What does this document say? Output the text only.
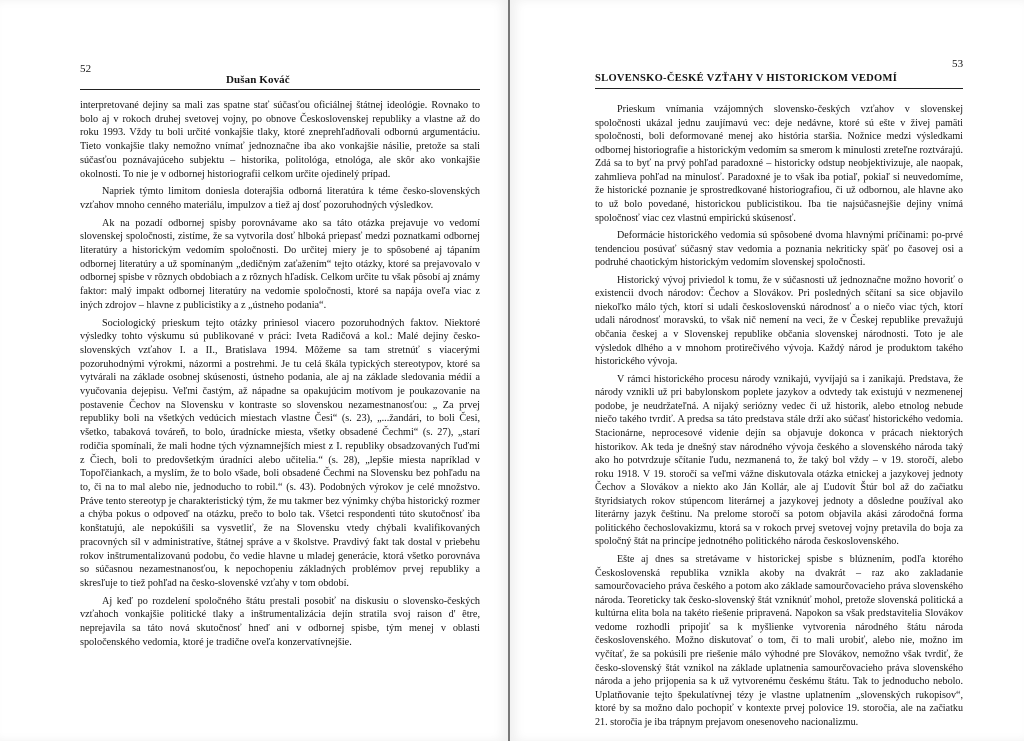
52
Dušan Kováč

interpretované dejiny sa mali zas spatne stať súčasťou oficiálnej štátnej ideológie. Rovnako to bolo aj v rokoch druhej svetovej vojny, po obnove Československej republiky a vlastne až do roku 1993. Vždy tu boli určité vonkajšie tlaky, ktoré zneprehľadňovali odbornú argumentáciu. Tieto vonkajšie tlaky nemožno vnímať jednoznačne iba ako vonkajšie násilie, pretože sa stali súčasťou poznávajúceho subjektu – historika, politológa, etnológa, ale skôr ako vonkajšie okolnosti. To nie je v odbornej historiografii celkom určite ojedinelý prípad.

Napriek týmto limitom doniesla doterajšia odborná literatúra k téme česko-slovenských vzťahov mnoho cenného materiálu, impulzov a tiež aj dosť pozoruhodných výsledkov.

Ak na pozadí odbornej spisby porovnávame ako sa táto otázka prejavuje vo vedomí slovenskej spoločnosti, zistíme, že sa vytvorila dosť hlboká priepasť medzi poznatkami odbornej literatúry a historickým vedomím spoločnosti. Do určitej miery je to spôsobené aj tápaním odbornej literatúry a už spomínaným „dedičným zaťažením“ tejto otázky, ktoré sa prejavovalo v odbornej spisbe v rôznych obdobiach a z rôznych hľadísk. Celkom určite tu však pôsobí aj známy faktor: malý impakt odbornej literatúry na vedomie spoločnosti, ktoré sa napája oveľa viac z iných zdrojov – hlavne z publicistiky a z „ústneho podania“.

Sociologický prieskum tejto otázky priniesol viacero pozoruhodných faktov. Niektoré výsledky tohto výskumu sú publikované v práci: Iveta Radičová a kol.: Malé dejiny česko-slovenských vzťahov I. a II., Bratislava 1994. Môžeme sa tam stretnúť s viacerými pozoruhodnými výrokmi, názormi a postrehmi. Je tu celá škála typických stereotypov, ktoré sa vytvárali na základe osobnej skúsenosti, ústneho podania, ale aj na základe sledovania médií a vyučovania dejepisu. Veľmi častým, až nápadne sa opakujúcim motívom je poukazovanie na postavenie Čechov na Slovensku v kontraste so slovenskou nezamestnanosťou: „ Za prvej republiky boli na všetkých vedúcich miestach vlastne Česi“ (s. 23), „...žandári, to boli Česi, všetko, tabaková továreň, to bolo, úradnícke miesta, všetky obsadené Čechmi“ (s. 27), „starí rodičia spomínali, že mali hodne tých významnejších miest z I. republiky obsadzovaných ľuďmi z Čiech, boli to predovšetkým úradníci alebo učitelia.“ (s. 28), „lepšie miesta napríklad v Topoľčiankach, a myslím, že to bolo všade, boli obsadené Čechmi na Slovensku bez pohľadu na to, či na to mal alebo nie, jednoducho to robil.“ (s. 43). Podobných výrokov je celé množstvo. Práve tento stereotyp je charakteristický tým, že mu takmer bez výnimky chýba historický rozmer a chýba pokus o odpoveď na otázku, prečo to bolo tak. Všetci respondenti túto skutočnosť iba konštatujú, ale nepokúšili sa vysvetliť, že na Slovensku vtedy chýbali kvalifikovaných pracovných síl v administratíve, štátnej správe a v školstve. Pravdivý fakt tak dostal v priebehu rokov inštrumentalizovanú podobu, čo vedie hlavne u mladej generácie, ktorá všetko porovnáva so súčasnou nezamestnanosťou, k nepochopeniu základných problémov prvej republiky a skresľuje to tiež pohľad na česko-slovenské vzťahy v tom období.

Aj keď po rozdelení spoločného štátu prestali posobiť na diskusiu o slovensko-českých vzťahoch vonkajšie politické tlaky a inštrumentalizácia dejín stratila svoj raison d' être, neprejavila sa táto nová skutočnosť hneď ani v odbornej spisbe, tým menej v oblasti spoločenského vedomia, ktoré je tradične oveľa konzervatívnejšie.

53
SLOVENSKO-ČESKÉ VZŤAHY V HISTORICKOM VEDOMÍ

Prieskum vnímania vzájomných slovensko-českých vzťahov v slovenskej spoločnosti ukázal jednu zaujímavú vec: deje nedávne, ktoré sú ešte v živej pamäti spoločnosti, boli deformované menej ako história staršia. Nožnice medzi výsledkami odbornej historiografie a historickým vedomím sa smerom k minulosti zreteľne roztvárajú. Zdá sa to byť na prvý pohľad paradoxné – historicky odstup neobjektivizuje, ale naopak, zahmlieva pohľad na minulosť. Paradoxné je to však iba potiaľ, pokiaľ si neuvedomíme, že historické poznanie je sprostredkované historiografiou, či už odbornou, ale hlavne ako to už bolo povedané, historickou publicistikou. Iba tie najsúčasnejšie dejiny vnímá spoločnosť viac cez vlastnú empirickú skúsenosť.

Deformácie historického vedomia sú spôsobené dvoma hlavnými príčinami: po-prvé tendenciou posúvať súčasný stav vedomia a poznania nekriticky späť po časovej osi a podruhé chaotickým historickým vedomím slovenskej spoločnosti.

Historický vývoj priviedol k tomu, že v súčasnosti už jednoznačne možno hovoriť o existencii dvoch národov: Čechov a Slovákov. Pri posledných sčítaní sa sice objavilo niekoľko málo tých, ktorí si udali československú národnosť a o niečo viac tých, ktorí udali národnosť moravskú, to však nič nemení na veci, že v Českej republike prevažujú občania českej a v Slovenskej republike občania slovenskej národnosti. Toto je ale výsledok dlhého a v mnohom protirečivého vývoja. Každý národ je produktom takého historického vývoja.

V rámci historického procesu národy vznikajú, vyvíjajú sa i zanikajú. Predstava, že národy vznikli už pri babylonskom poplete jazykov a odvtedy tak existujú v nezmenenej podobe, je neudržateľná. A nijaký seriózny vedec či už historik, alebo etnolog nebude niečo takého tvrdiť. A predsa sa táto predstava stále drží ako súčasť historického vedomia. Stacionárne, neprocesové videnie dejín sa objavuje dokonca v prácach niektorých historikov. Ak teda je dnešný stav národného vývoja českého a slovenského národa taký ako ho potvrdzuje sčítanie ľudu, nezmanená to, že taký bol vždy – v 19. storočí, alebo roku 1918. V 19. storočí sa veľmi vážne diskutovala otázka etnickej a jazykovej jednoty Čechov a Slovákov a niekto ako Ján Kollár, ale aj Ľudovít Štúr bol až do začiatku štyridsiatych rokov stúpencom literárnej a jazykovej jednoty a dôsledne používal ako literárny jazyk češtinu. Na prelome storočí sa potom objavila akási zárodočná forma politického čechoslovakizmu, ktorá sa v rokoch prvej svetovej vojny pretavila do boja za spoločný štát na princípe jednotného politického národa československého.

Ešte aj dnes sa stretávame v historickej spisbe s blúznením, podľa ktorého Československá republika vznikla akoby na dvakrát – raz ako zakladanie samourčovacieho práva českého a potom ako základe samourčovacieho práva slovenského národa. Teoreticky tak česko-slovenský štát vzniknúť mohol, pretože slovenská politická a kultúrna elita bola na takéto riešenie pripravená. Napokon sa však predstavitelia Slovákov vedome rozhodli pripojiť sa k myšlienke vytvorenia národného štátu národa československého. Možno diskutovať o tom, či to mali urobiť, alebo nie, možno im vyčítať, že sa pokúsili pre riešenie málo výhodné pre Slovákov, nemožno však tvrdiť, že česko-slovenský štát vznikol na základe uplatnenia samourčovacieho práva slovenského národa a jeho prijopenia sa k už vytvorenému českému štátu. Tak to jednoducho nebolo. Uplatňovanie tejto špekulatívnej tézy je vlastne uplatnením „slovenských rukopisov“, ktoré by sa možno dalo pochopiť v kontexte prvej polovice 19. storočia, ale na začiatku 21. storočia je iba trápnym prejavom onesenoveho nacionalizmu.
